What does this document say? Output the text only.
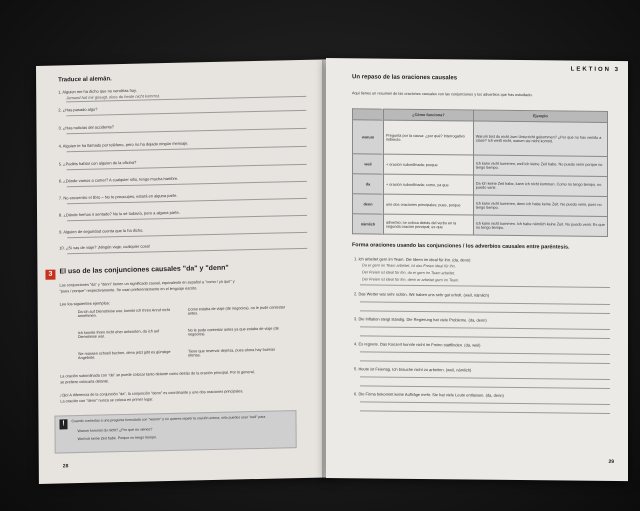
Traduce al alemán.
1. Alguien me ha dicho que no vendrías hoy.
Jemand hat mir gesagt, dass du heute nicht kommst.
2. ¿Has pasado algo?
3. ¿Has noticias del accidente?
4. Alguien te ha llamado por teléfono, pero no ha dejado ningún mensaje.
5. ¿Podéis hablar con alguien de la oficina?
6. ¿Dónde vamos a comer? A cualquier sitio, tengo mucha hambre.
7. No encuentro el libro – No te preocupes, estará en alguna parte.
8. ¿Dónde hemos ir sentado? No lo sé todavía, pero a alguna parte.
9. Alguien de seguridad cuenta que lo ha dicho.
10. ¿Si vas de viaje? ¡Ningún viaje, cualquier cosa!
3 El uso de las conjunciones causales "da" y "denn"
Las conjunciones "da" y "denn" tienen un significado causal, equivalente en español a "como / ya que" y
"pues / porque" respectivamente. Se usan preferentemente en el lenguaje escrito.
Lee los siguientes ejemplos:
Da ich auf Dienstreise war, konnte ich Ihren Anruf nicht annehmen.
Como estaba de viaje (de negocios), no le pude contestar antes.
Ich konnte Ihren nicht eher antworten, da ich auf Dienstreise war.
No le pude contestar antes ya que estaba de viaje (de negocios).
Sie müssen schnell buchen, denn jetzt gibt es günstige Angebote.
Tiene que reservar deprisa, pues ahora hay buenas ofertas.
La oración subordinada con "da" se puede colocar tanto delante como detrás de la oración principal. Por lo general,
se prefiere colocarla delante.
¡Ojo! A diferencia de la conjunción "da", la conjunción "denn" es coordinante y une dos oraciones principales.
La oración con "denn" nunca se coloca en primer lugar.
!
Cuando contestas a una pregunta formulada con "warum" y no quieres repetir la oración entera, sólo puedes usar "weil" para
Warum kommst du nicht? ¿Por qué no vienes?
Weil ich keine Zeit habe. Porque no tengo tiempo.
28
LEKTION 3
Un repaso de las oraciones causales
Aquí tienes un resumen de las oraciones causales con las conjunciones y los adverbios que has estudiado.
	¿Cómo funciona?	Ejemplo
warum	Pregunta por la causa: ¿por qué? Interrogativo indirecto.	Warum bist du nicht zum Unterricht gekommen? ¿Por qué no has venido a clase? Ich weiß nicht, warum sie nicht kommt.
weil	+ oración subordinada; porque	Ich kann nicht kommen, weil ich keine Zeit habe. No puedo venir porque no tengo tiempo.
da	+ oración subordinada; como, ya que	Da ich keine Zeit habe, kann ich nicht kommen. Como no tengo tiempo, no puedo venir.
denn	une dos oraciones principales; pues, porque	Ich kann nicht kommen, denn ich habe keine Zeit. No puedo venir, pues no tengo tiempo.
nämlich	adverbio; se coloca detrás del verbo en la segunda oración principal; es que	Ich kann nicht kommen. Ich habe nämlich keine Zeit. No puedo venir. Es que no tengo tiempo.
Forma oraciones usando las conjunciones / los adverbios causales entre paréntesis.
1. Ich arbeitet gern im Team. Die Ideen im ideal für ihn. (da, denn)
Da er gern im Team arbeitet, ist das Freien ideal für ihn.
Der Freien ist ideal für ihn, da er gern im Team arbeitet.
Der Freien ist ideal für ihn, denn er arbeitet gern im Team.
2. Das Wetter war sehr schön. Wir haben uns sehr gut erholt. (weil, nämlich)
3. Die Inflation steigt ständig. Die Regierung hat viele Probleme. (da, denn)
4. Es regnete. Das Konzert konnte nicht im Freien stattfinden. (da, weil)
5. Heute ist Feiertag. Ich brauche nicht zu arbeiten. (weil, nämlich)
6. Die Firma bekommt keine Aufträge mehr. Sie hat viele Leute entlassen. (da, denn)
29
